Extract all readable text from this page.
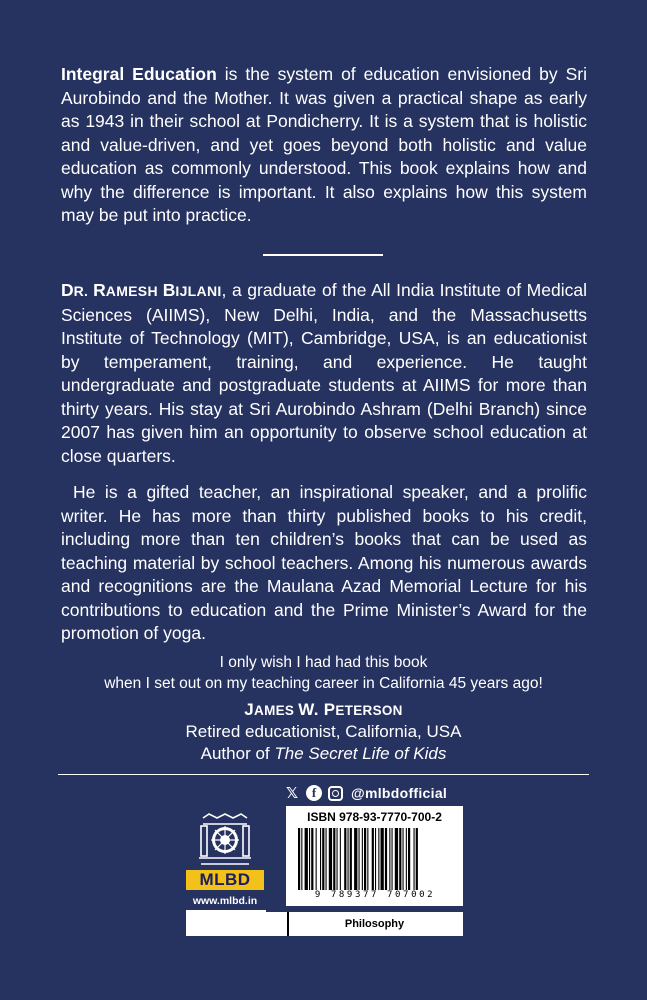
Integral Education is the system of education envisioned by Sri Aurobindo and the Mother. It was given a practical shape as early as 1943 in their school at Pondicherry. It is a system that is holistic and value-driven, and yet goes beyond both holistic and value education as commonly understood. This book explains how and why the difference is important. It also explains how this system may be put into practice.

DR. RAMESH BIJLANI, a graduate of the All India Institute of Medical Sciences (AIIMS), New Delhi, India, and the Massachusetts Institute of Technology (MIT), Cambridge, USA, is an educationist by temperament, training, and experience. He taught undergraduate and postgraduate students at AIIMS for more than thirty years. His stay at Sri Aurobindo Ashram (Delhi Branch) since 2007 has given him an opportunity to observe school education at close quarters.

He is a gifted teacher, an inspirational speaker, and a prolific writer. He has more than thirty published books to his credit, including more than ten children’s books that can be used as teaching material by school teachers. Among his numerous awards and recognitions are the Maulana Azad Memorial Lecture for his contributions to education and the Prime Minister’s Award for the promotion of yoga.

I only wish I had had this book

when I set out on my teaching career in California 45 years ago!

JAMES W. PETERSON

Retired educationist, California, USA

Author of The Secret Life of Kids

𝕏	f	@mlbdofficial
MLBD
www.mlbd.in
ISBN 978-93-7770-700-2
9 789377 707002
Philosophy
